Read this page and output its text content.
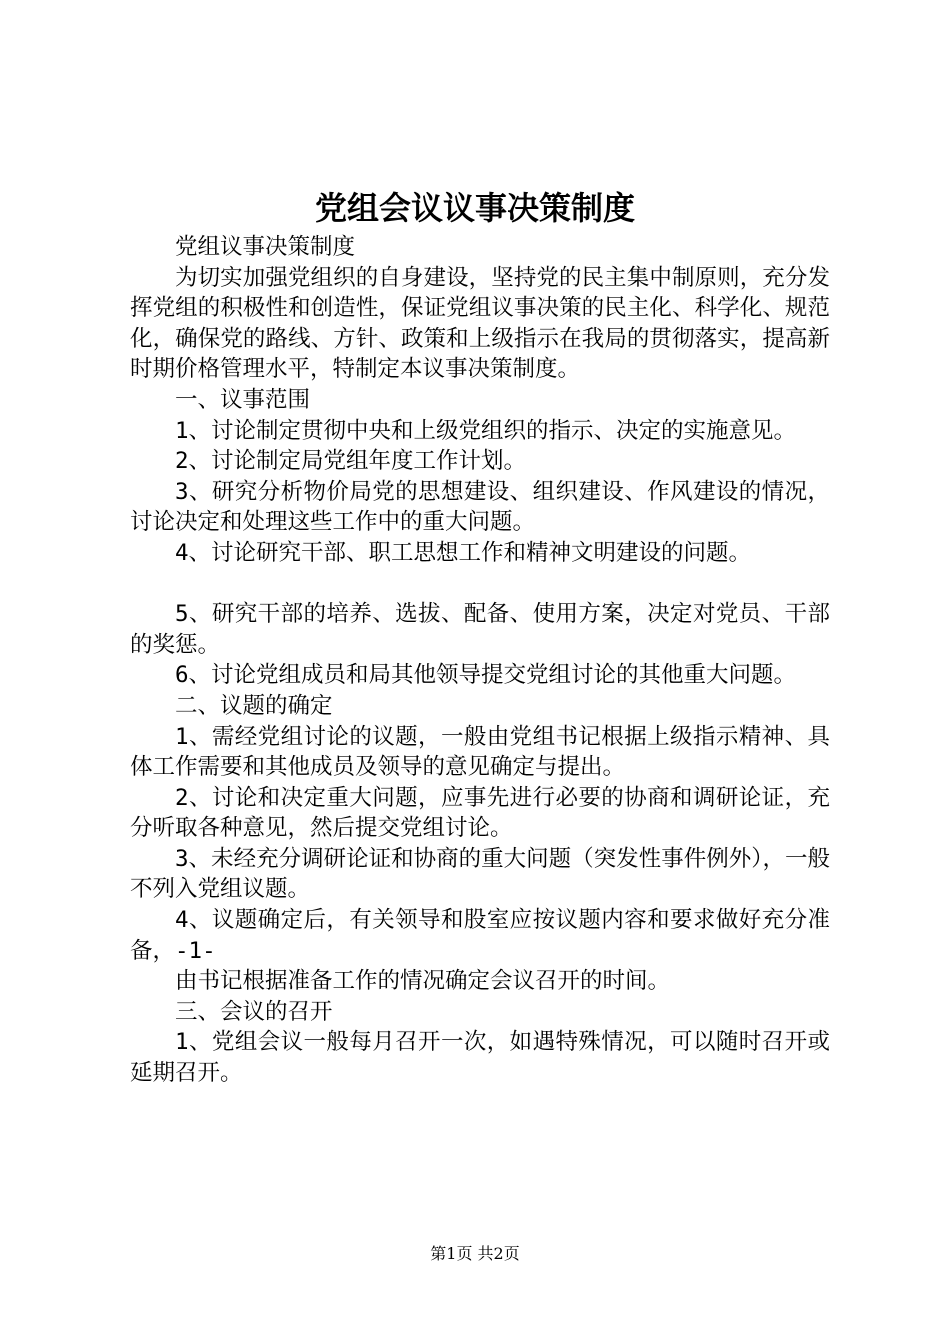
党组会议议事决策制度

党组议事决策制度

为切实加强党组织的自身建设，坚持党的民主集中制原则，充分发挥党组的积极性和创造性，保证党组议事决策的民主化、科学化、规范化，确保党的路线、方针、政策和上级指示在我局的贯彻落实，提高新时期价格管理水平，特制定本议事决策制度。

一、议事范围

1、讨论制定贯彻中央和上级党组织的指示、决定的实施意见。

2、讨论制定局党组年度工作计划。

3、研究分析物价局党的思想建设、组织建设、作风建设的情况，讨论决定和处理这些工作中的重大问题。

4、讨论研究干部、职工思想工作和精神文明建设的问题。

5、研究干部的培养、选拔、配备、使用方案，决定对党员、干部的奖惩。

6、讨论党组成员和局其他领导提交党组讨论的其他重大问题。

二、议题的确定

1、需经党组讨论的议题，一般由党组书记根据上级指示精神、具体工作需要和其他成员及领导的意见确定与提出。

2、讨论和决定重大问题，应事先进行必要的协商和调研论证，充分听取各种意见，然后提交党组讨论。

3、未经充分调研论证和协商的重大问题（突发性事件例外），一般不列入党组议题。

4、议题确定后，有关领导和股室应按议题内容和要求做好充分准备，-1-

由书记根据准备工作的情况确定会议召开的时间。

三、会议的召开

1、党组会议一般每月召开一次，如遇特殊情况，可以随时召开或延期召开。

第1页 共2页
